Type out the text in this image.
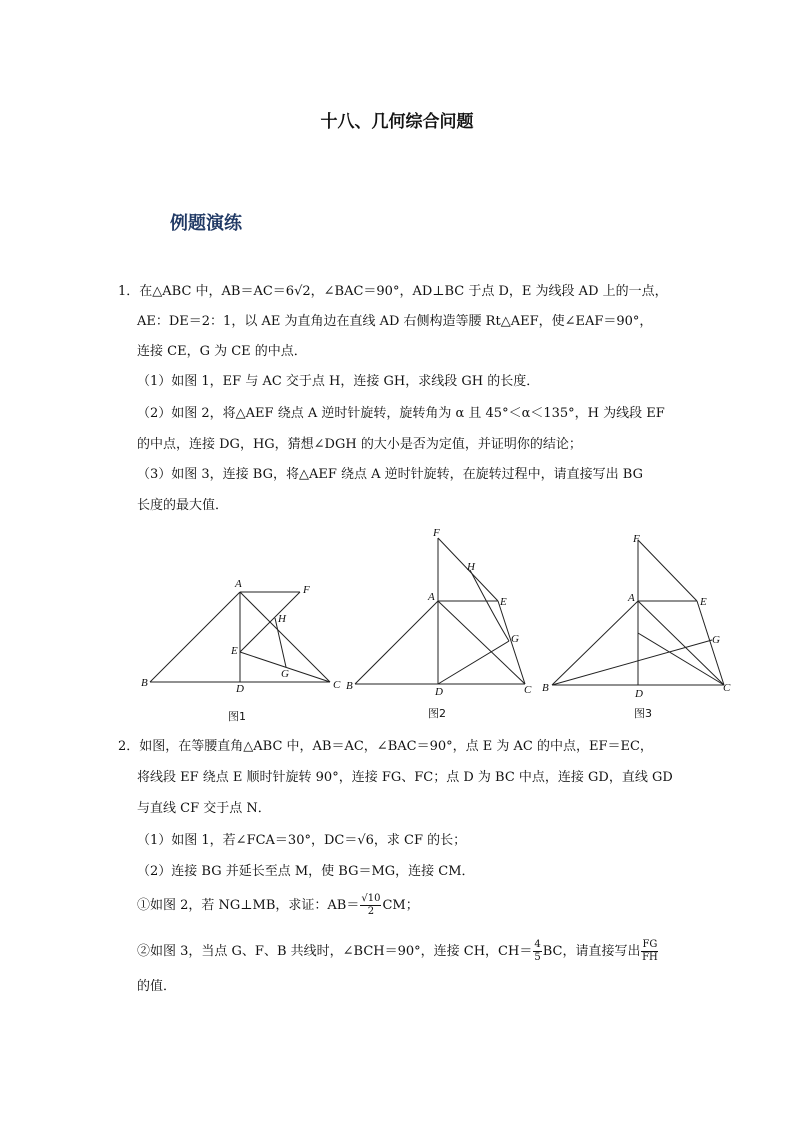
十八、几何综合问题
例题演练
1．在△ABC 中，AB＝AC＝6√2，∠BAC＝90°，AD⊥BC 于点 D，E 为线段 AD 上的一点，
AE：DE＝2：1，以 AE 为直角边在直线 AD 右侧构造等腰 Rt△AEF，使∠EAF＝90°，
连接 CE，G 为 CE 的中点．
（1）如图 1，EF 与 AC 交于点 H，连接 GH，求线段 GH 的长度．
（2）如图 2，将△AEF 绕点 A 逆时针旋转，旋转角为 α 且 45°＜α＜135°，H 为线段 EF
的中点，连接 DG，HG，猜想∠DGH 的大小是否为定值，并证明你的结论；
（3）如图 3，连接 BG，将△AEF 绕点 A 逆时针旋转，在旋转过程中，请直接写出 BG
长度的最大值．
A
B	C
D
E
F
G
H
图1
F
H
A	E
G
B	D	C
图2
F
A	E
G
B	D	C
图3
2．如图，在等腰直角△ABC 中，AB＝AC，∠BAC＝90°，点 E 为 AC 的中点，EF＝EC，
将线段 EF 绕点 E 顺时针旋转 90°，连接 FG、FC；点 D 为 BC 中点，连接 GD，直线 GD
与直线 CF 交于点 N．
（1）如图 1，若∠FCA＝30°，DC＝√6，求 CF 的长；
（2）连接 BG 并延长至点 M，使 BG＝MG，连接 CM．
①如图 2，若 NG⊥MB，求证：$AB= \frac{√10}{2}$ CM；
②如图 3，当点 G、F、B 共线时，∠BCH＝90°，连接 CH，$CH= \frac{4}{5}$ BC，请直接写出 $\frac{FG}{FH}$
的值．
